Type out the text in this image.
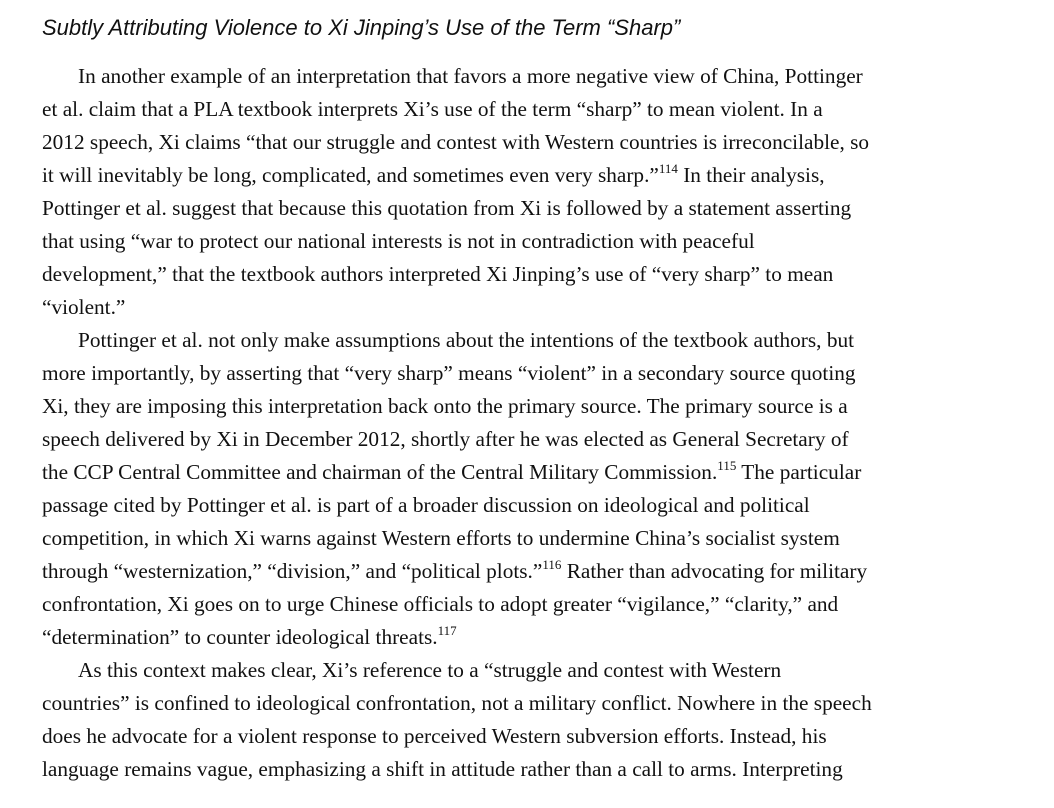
Subtly Attributing Violence to Xi Jinping’s Use of the Term “Sharp”
In another example of an interpretation that favors a more negative view of China, Pottinger
et al. claim that a PLA textbook interprets Xi’s use of the term “sharp” to mean violent. In a
2012 speech, Xi claims “that our struggle and contest with Western countries is irreconcilable, so
it will inevitably be long, complicated, and sometimes even very sharp.”$^{114}$ In their analysis,
Pottinger et al. suggest that because this quotation from Xi is followed by a statement asserting
that using “war to protect our national interests is not in contradiction with peaceful
development,” that the textbook authors interpreted Xi Jinping’s use of “very sharp” to mean
“violent.”
Pottinger et al. not only make assumptions about the intentions of the textbook authors, but
more importantly, by asserting that “very sharp” means “violent” in a secondary source quoting
Xi, they are imposing this interpretation back onto the primary source. The primary source is a
speech delivered by Xi in December 2012, shortly after he was elected as General Secretary of
the CCP Central Committee and chairman of the Central Military Commission.$^{115}$ The particular
passage cited by Pottinger et al. is part of a broader discussion on ideological and political
competition, in which Xi warns against Western efforts to undermine China’s socialist system
through “westernization,” “division,” and “political plots.”$^{116}$ Rather than advocating for military
confrontation, Xi goes on to urge Chinese officials to adopt greater “vigilance,” “clarity,” and
“determination” to counter ideological threats.$^{117}$
As this context makes clear, Xi’s reference to a “struggle and contest with Western
countries” is confined to ideological confrontation, not a military conflict. Nowhere in the speech
does he advocate for a violent response to perceived Western subversion efforts. Instead, his
language remains vague, emphasizing a shift in attitude rather than a call to arms. Interpreting
